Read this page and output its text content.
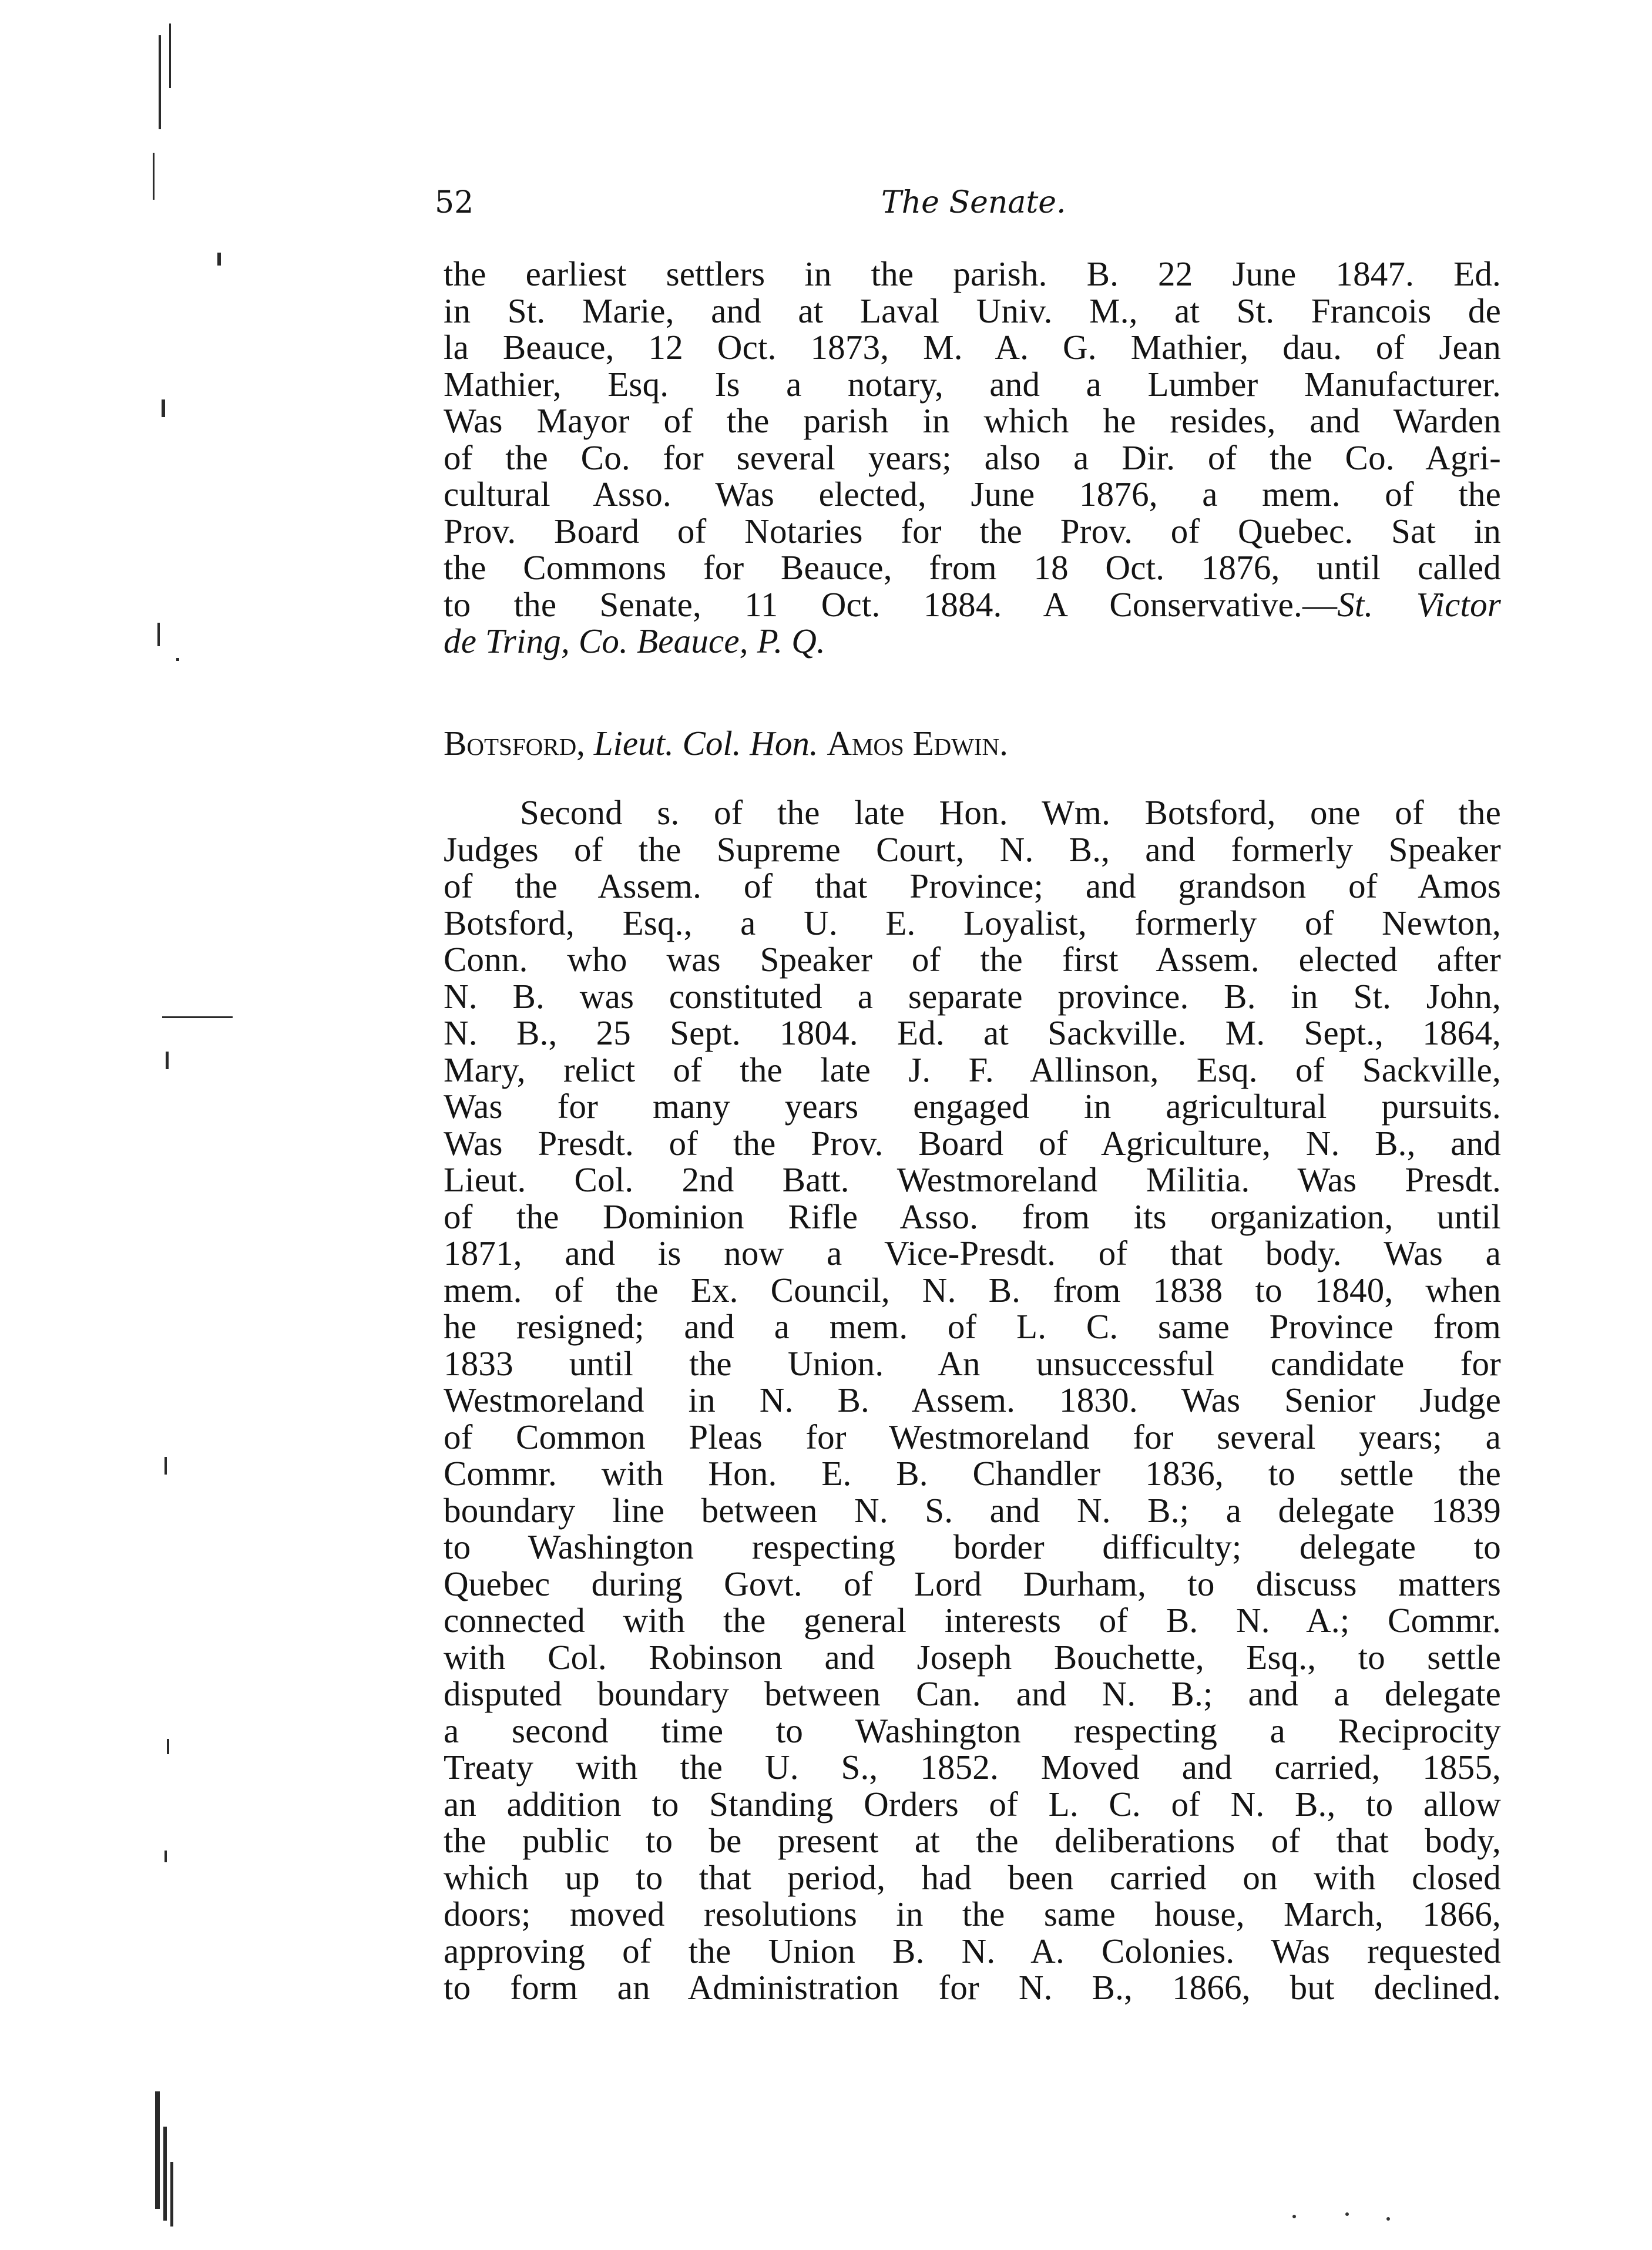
52	The Senate.
the earliest settlers in the parish. B. 22 June 1847. Ed.
in St. Marie, and at Laval Univ. M., at St. Francois de
la Beauce, 12 Oct. 1873, M. A. G. Mathier, dau. of Jean
Mathier, Esq. Is a notary, and a Lumber Manufacturer.
Was Mayor of the parish in which he resides, and Warden
of the Co. for several years; also a Dir. of the Co. Agri-
cultural Asso. Was elected, June 1876, a mem. of the
Prov. Board of Notaries for the Prov. of Quebec. Sat in
the Commons for Beauce, from 18 Oct. 1876, until called
to the Senate, 11 Oct. 1884. A Conservative.—St. Victor
de Tring, Co. Beauce, P. Q.
Botsford, Lieut. Col. Hon. Amos Edwin.
Second s. of the late Hon. Wm. Botsford, one of the
Judges of the Supreme Court, N. B., and formerly Speaker
of the Assem. of that Province; and grandson of Amos
Botsford, Esq., a U. E. Loyalist, formerly of Newton,
Conn. who was Speaker of the first Assem. elected after
N. B. was constituted a separate province. B. in St. John,
N. B., 25 Sept. 1804. Ed. at Sackville. M. Sept., 1864,
Mary, relict of the late J. F. Allinson, Esq. of Sackville,
Was for many years engaged in agricultural pursuits.
Was Presdt. of the Prov. Board of Agriculture, N. B., and
Lieut. Col. 2nd Batt. Westmoreland Militia. Was Presdt.
of the Dominion Rifle Asso. from its organization, until
1871, and is now a Vice-Presdt. of that body. Was a
mem. of the Ex. Council, N. B. from 1838 to 1840, when
he resigned; and a mem. of L. C. same Province from
1833 until the Union. An unsuccessful candidate for
Westmoreland in N. B. Assem. 1830. Was Senior Judge
of Common Pleas for Westmoreland for several years; a
Commr. with Hon. E. B. Chandler 1836, to settle the
boundary line between N. S. and N. B.; a delegate 1839
to Washington respecting border difficulty; delegate to
Quebec during Govt. of Lord Durham, to discuss matters
connected with the general interests of B. N. A.; Commr.
with Col. Robinson and Joseph Bouchette, Esq., to settle
disputed boundary between Can. and N. B.; and a delegate
a second time to Washington respecting a Reciprocity
Treaty with the U. S., 1852. Moved and carried, 1855,
an addition to Standing Orders of L. C. of N. B., to allow
the public to be present at the deliberations of that body,
which up to that period, had been carried on with closed
doors; moved resolutions in the same house, March, 1866,
approving of the Union B. N. A. Colonies. Was requested
to form an Administration for N. B., 1866, but declined.
